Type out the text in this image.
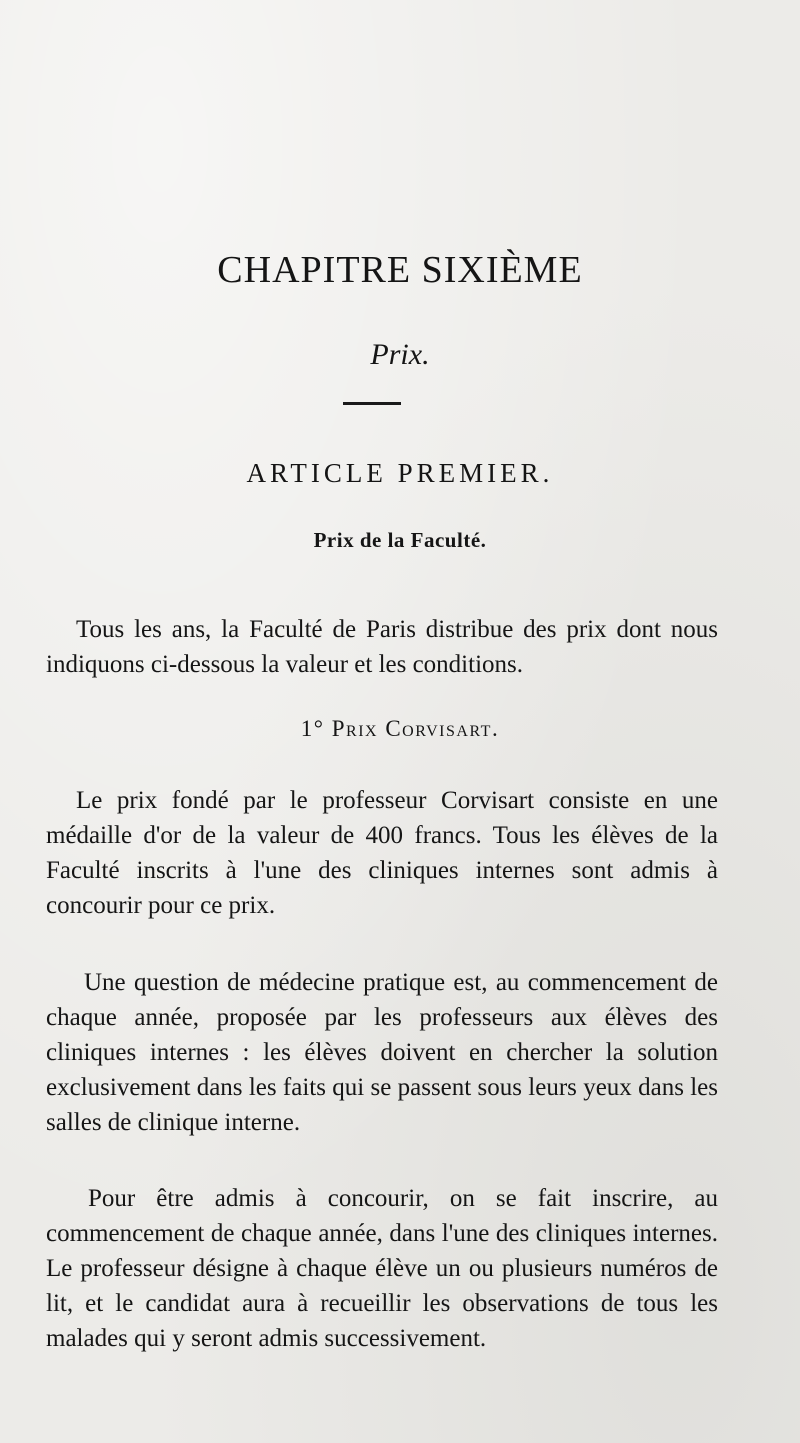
CHAPITRE SIXIÈME
Prix.
ARTICLE PREMIER.
Prix de la Faculté.

Tous les ans, la Faculté de Paris distribue des prix dont nous indiquons ci-dessous la valeur et les conditions.

1° Prix Corvisart.

Le prix fondé par le professeur Corvisart consiste en une médaille d'or de la valeur de 400 francs. Tous les élèves de la Faculté inscrits à l'une des cliniques internes sont admis à concourir pour ce prix.

Une question de médecine pratique est, au commencement de chaque année, proposée par les professeurs aux élèves des cliniques internes : les élèves doivent en chercher la solution exclusivement dans les faits qui se passent sous leurs yeux dans les salles de clinique interne.

Pour être admis à concourir, on se fait inscrire, au commencement de chaque année, dans l'une des cliniques internes. Le professeur désigne à chaque élève un ou plusieurs numéros de lit, et le candidat aura à recueillir les observations de tous les malades qui y seront admis successivement.
